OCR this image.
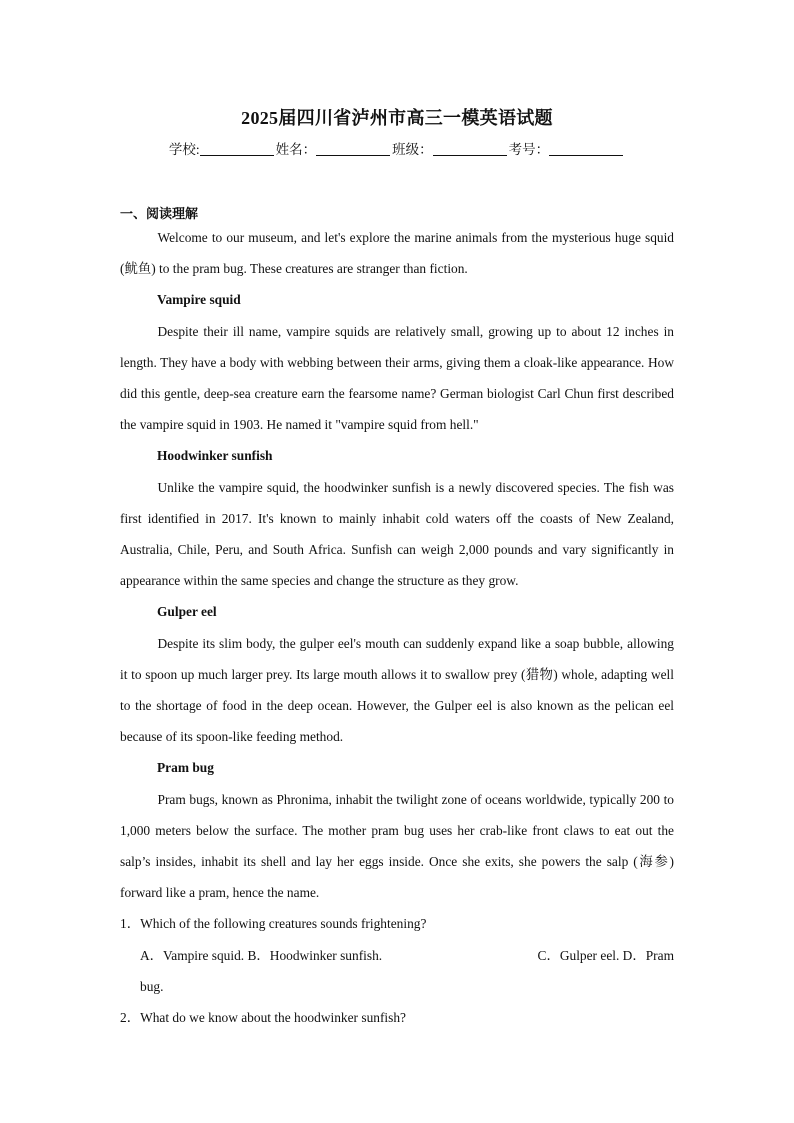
2025届四川省泸州市高三一模英语试题
学校:	姓名：	班级：	考号：
一、阅读理解

Welcome to our museum, and let's explore the marine animals from the mysterious huge squid (鱿鱼) to the pram bug. These creatures are stranger than fiction.

Vampire squid

Despite their ill name, vampire squids are relatively small, growing up to about 12 inches in length. They have a body with webbing between their arms, giving them a cloak-like appearance. How did this gentle, deep-sea creature earn the fearsome name? German biologist Carl Chun first described the vampire squid in 1903. He named it "vampire squid from hell."

Hoodwinker sunfish

Unlike the vampire squid, the hoodwinker sunfish is a newly discovered species. The fish was first identified in 2017. It's known to mainly inhabit cold waters off the coasts of New Zealand, Australia, Chile, Peru, and South Africa. Sunfish can weigh 2,000 pounds and vary significantly in appearance within the same species and change the structure as they grow.

Gulper eel

Despite its slim body, the gulper eel's mouth can suddenly expand like a soap bubble, allowing it to spoon up much larger prey. Its large mouth allows it to swallow prey (猎物) whole, adapting well to the shortage of food in the deep ocean. However, the Gulper eel is also known as the pelican eel because of its spoon-like feeding method.

Pram bug

Pram bugs, known as Phronima, inhabit the twilight zone of oceans worldwide, typically 200 to 1,000 meters below the surface. The mother pram bug uses her crab-like front claws to eat out the salp’s insides, inhabit its shell and lay her eggs inside. Once she exits, she powers the salp (海参) forward like a pram, hence the name.

1．Which of the following creatures sounds frightening?

A．Vampire squid. B．Hoodwinker sunfish.	C．Gulper eel. D．Pram
bug.

2．What do we know about the hoodwinker sunfish?
